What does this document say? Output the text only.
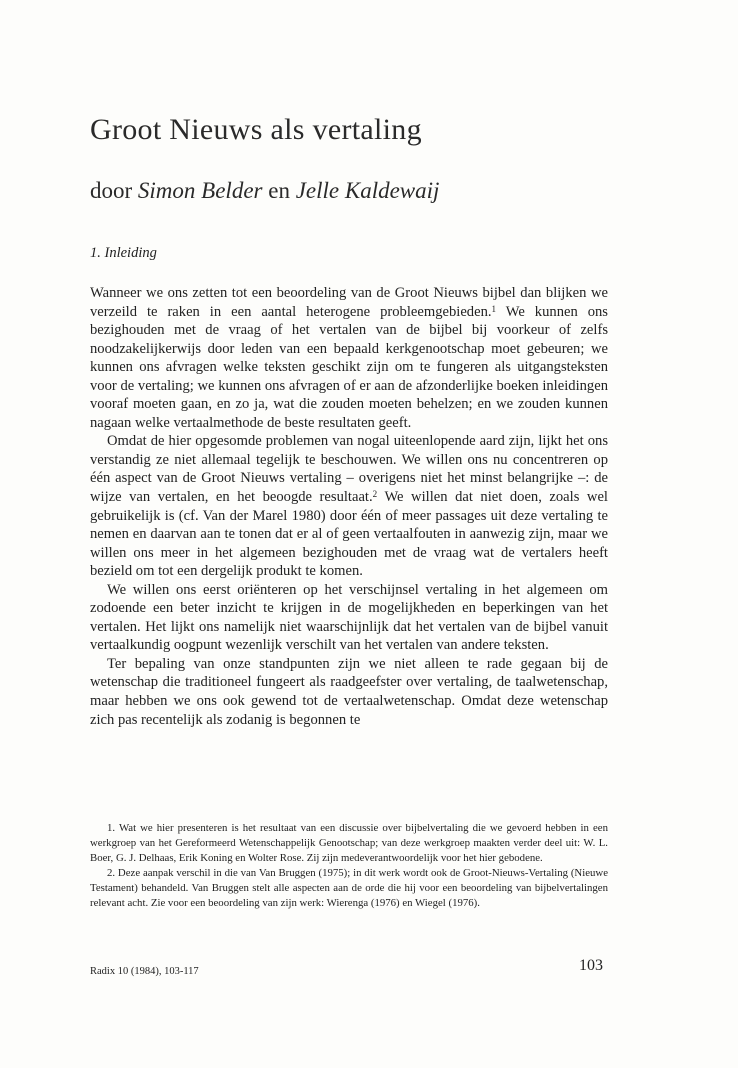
Groot Nieuws als vertaling
door Simon Belder en Jelle Kaldewaij
1. Inleiding

Wanneer we ons zetten tot een beoordeling van de Groot Nieuws bijbel dan blijken we verzeild te raken in een aantal heterogene probleemgebieden.$^1$ We kunnen ons bezighouden met de vraag of het vertalen van de bijbel bij voorkeur of zelfs noodzakelijkerwijs door leden van een bepaald kerkgenootschap moet gebeuren; we kunnen ons afvragen welke teksten geschikt zijn om te fungeren als uitgangsteksten voor de vertaling; we kunnen ons afvragen of er aan de afzonderlijke boeken inleidingen vooraf moeten gaan, en zo ja, wat die zouden moeten behelzen; en we zouden kunnen nagaan welke vertaalmethode de beste resultaten geeft.

Omdat de hier opgesomde problemen van nogal uiteenlopende aard zijn, lijkt het ons verstandig ze niet allemaal tegelijk te beschouwen. We willen ons nu concentreren op één aspect van de Groot Nieuws vertaling – overigens niet het minst belangrijke –: de wijze van vertalen, en het beoogde resultaat.$^2$ We willen dat niet doen, zoals wel gebruikelijk is (cf. Van der Marel 1980) door één of meer passages uit deze vertaling te nemen en daarvan aan te tonen dat er al of geen vertaalfouten in aanwezig zijn, maar we willen ons meer in het algemeen bezighouden met de vraag wat de vertalers heeft bezield om tot een dergelijk produkt te komen.

We willen ons eerst oriënteren op het verschijnsel vertaling in het algemeen om zodoende een beter inzicht te krijgen in de mogelijkheden en beperkingen van het vertalen. Het lijkt ons namelijk niet waarschijnlijk dat het vertalen van de bijbel vanuit vertaalkundig oogpunt wezenlijk verschilt van het vertalen van andere teksten.

Ter bepaling van onze standpunten zijn we niet alleen te rade gegaan bij de wetenschap die traditioneel fungeert als raadgeefster over vertaling, de taalwetenschap, maar hebben we ons ook gewend tot de vertaalwetenschap. Omdat deze wetenschap zich pas recentelijk als zodanig is begonnen te

1. Wat we hier presenteren is het resultaat van een discussie over bijbelvertaling die we gevoerd hebben in een werkgroep van het Gereformeerd Wetenschappelijk Genootschap; van deze werkgroep maakten verder deel uit: W. L. Boer, G. J. Delhaas, Erik Koning en Wolter Rose. Zij zijn medeverantwoordelijk voor het hier gebodene.

2. Deze aanpak verschil in die van Van Bruggen (1975); in dit werk wordt ook de Groot-Nieuws-Vertaling (Nieuwe Testament) behandeld. Van Bruggen stelt alle aspecten aan de orde die hij voor een beoordeling van bijbelvertalingen relevant acht. Zie voor een beoordeling van zijn werk: Wierenga (1976) en Wiegel (1976).

Radix 10 (1984), 103-117	103
